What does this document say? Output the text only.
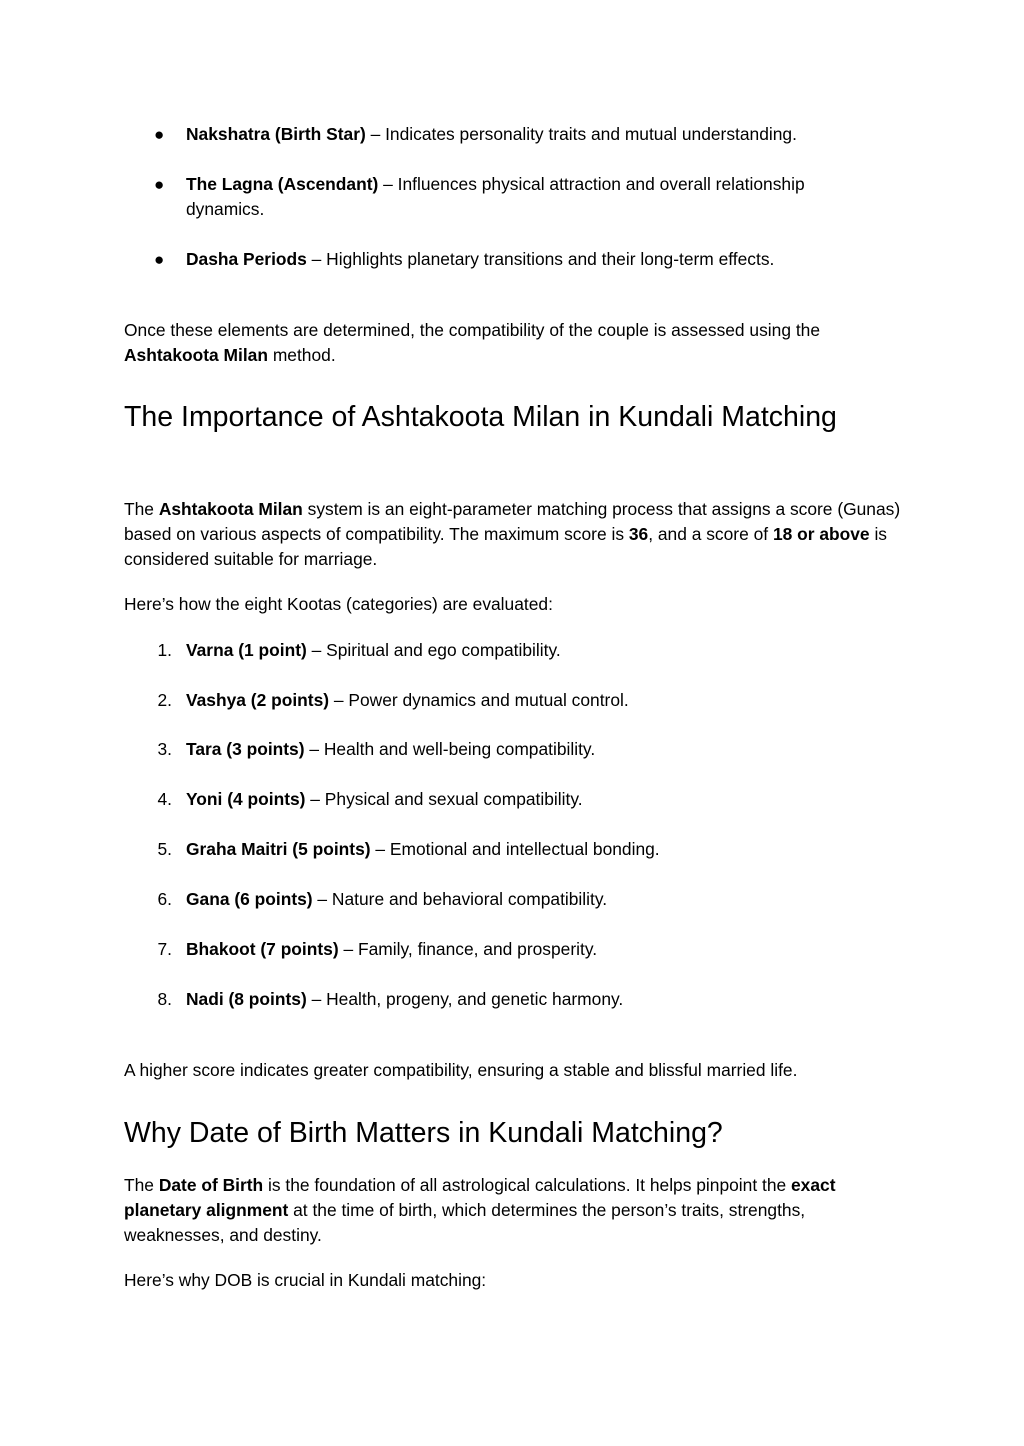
● Nakshatra (Birth Star) – Indicates personality traits and mutual understanding.

● The Lagna (Ascendant) – Influences physical attraction and overall relationship dynamics.

● Dasha Periods – Highlights planetary transitions and their long-term effects.

Once these elements are determined, the compatibility of the couple is assessed using the Ashtakoota Milan method.

The Importance of Ashtakoota Milan in Kundali Matching

The Ashtakoota Milan system is an eight-parameter matching process that assigns a score (Gunas) based on various aspects of compatibility. The maximum score is 36, and a score of 18 or above is considered suitable for marriage.

Here’s how the eight Kootas (categories) are evaluated:

1. Varna (1 point) – Spiritual and ego compatibility.

2. Vashya (2 points) – Power dynamics and mutual control.

3. Tara (3 points) – Health and well-being compatibility.

4. Yoni (4 points) – Physical and sexual compatibility.

5. Graha Maitri (5 points) – Emotional and intellectual bonding.

6. Gana (6 points) – Nature and behavioral compatibility.

7. Bhakoot (7 points) – Family, finance, and prosperity.

8. Nadi (8 points) – Health, progeny, and genetic harmony.

A higher score indicates greater compatibility, ensuring a stable and blissful married life.

Why Date of Birth Matters in Kundali Matching?

The Date of Birth is the foundation of all astrological calculations. It helps pinpoint the exact planetary alignment at the time of birth, which determines the person’s traits, strengths, weaknesses, and destiny.

Here’s why DOB is crucial in Kundali matching:
